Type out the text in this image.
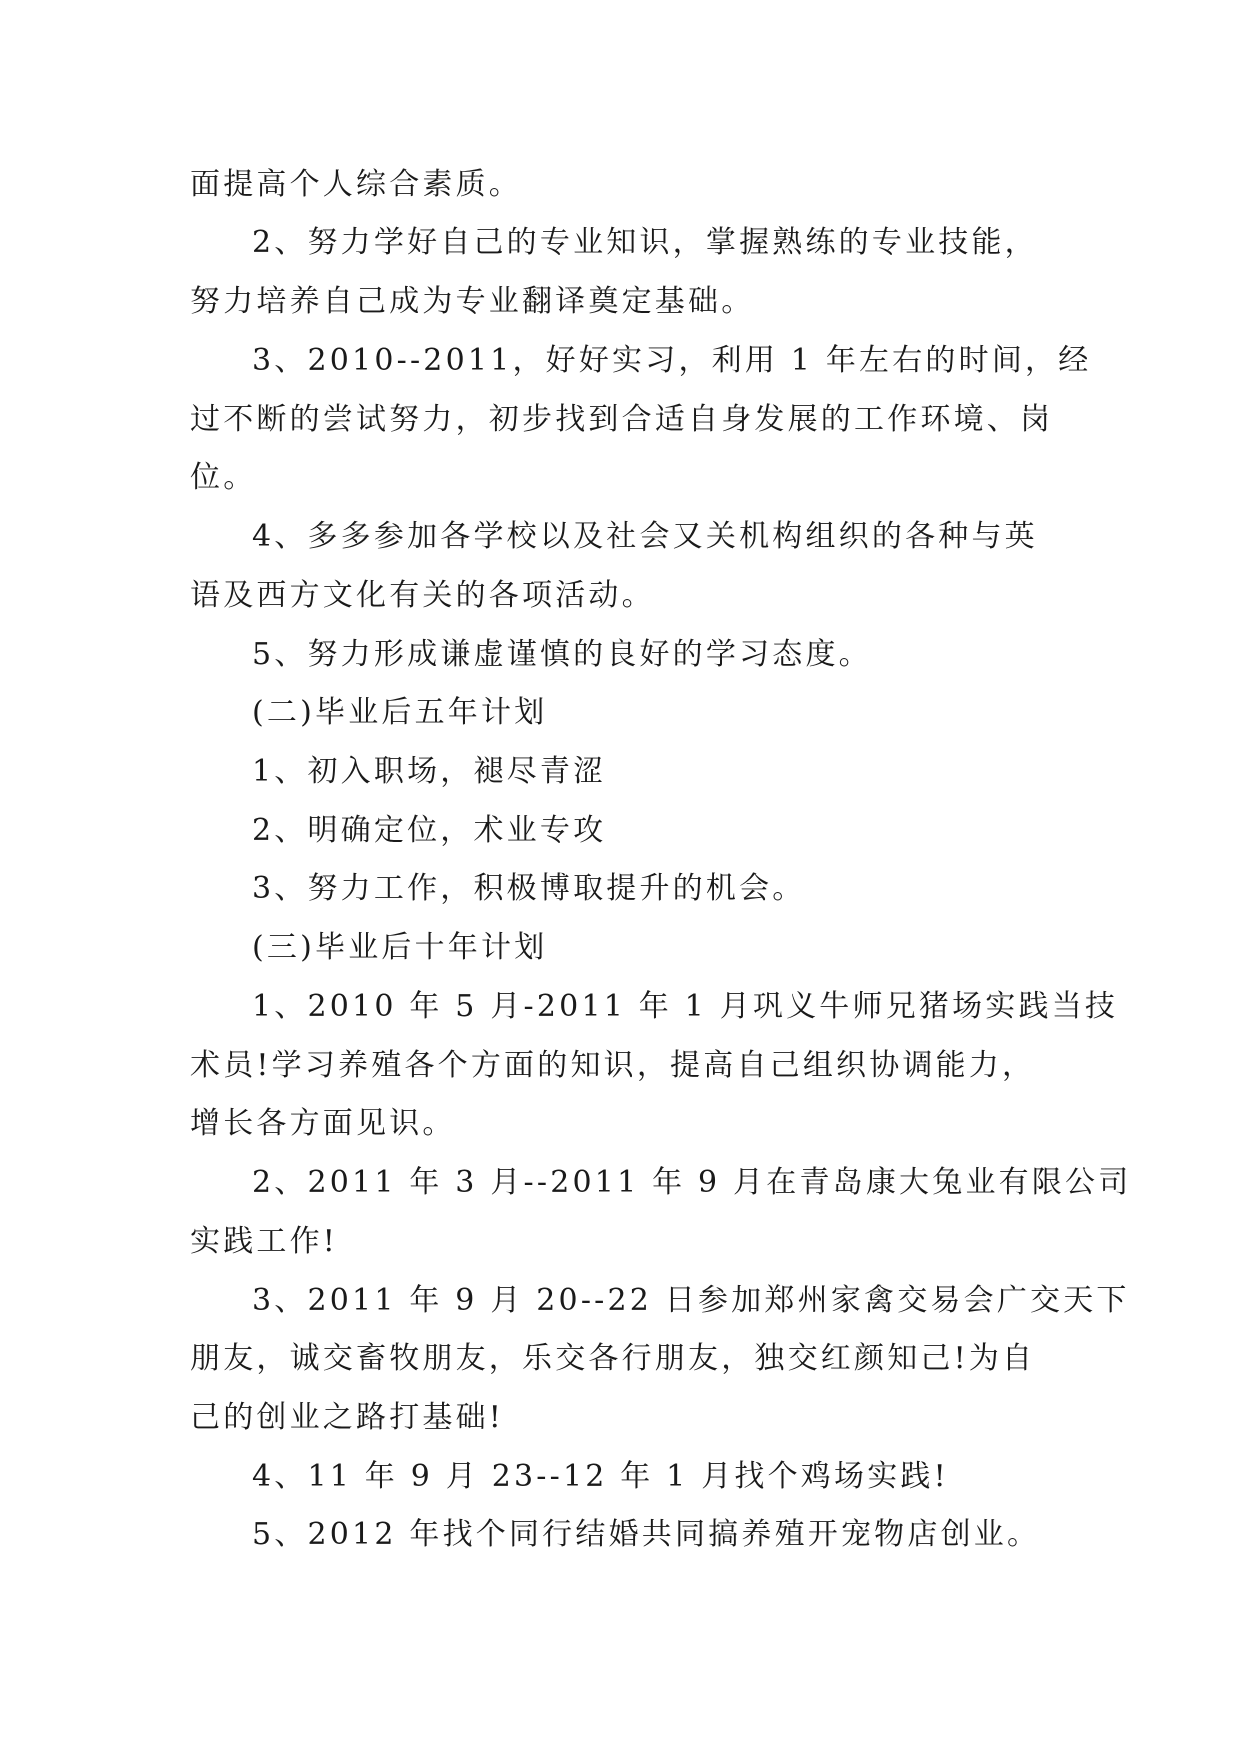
面提高个人综合素质。
2、努力学好自己的专业知识，掌握熟练的专业技能，
努力培养自己成为专业翻译奠定基础。
3、2010--2011，好好实习，利用 1 年左右的时间，经
过不断的尝试努力，初步找到合适自身发展的工作环境、岗
位。
4、多多参加各学校以及社会又关机构组织的各种与英
语及西方文化有关的各项活动。
5、努力形成谦虚谨慎的良好的学习态度。
(二)毕业后五年计划
1、初入职场，褪尽青涩
2、明确定位，术业专攻
3、努力工作，积极博取提升的机会。
(三)毕业后十年计划
1、2010 年 5 月-2011 年 1 月巩义牛师兄猪场实践当技
术员!学习养殖各个方面的知识，提高自己组织协调能力，
增长各方面见识。
2、2011 年 3 月--2011 年 9 月在青岛康大兔业有限公司
实践工作!
3、2011 年 9 月 20--22 日参加郑州家禽交易会广交天下
朋友，诚交畜牧朋友，乐交各行朋友，独交红颜知己!为自
己的创业之路打基础!
4、11 年 9 月 23--12 年 1 月找个鸡场实践!
5、2012 年找个同行结婚共同搞养殖开宠物店创业。
